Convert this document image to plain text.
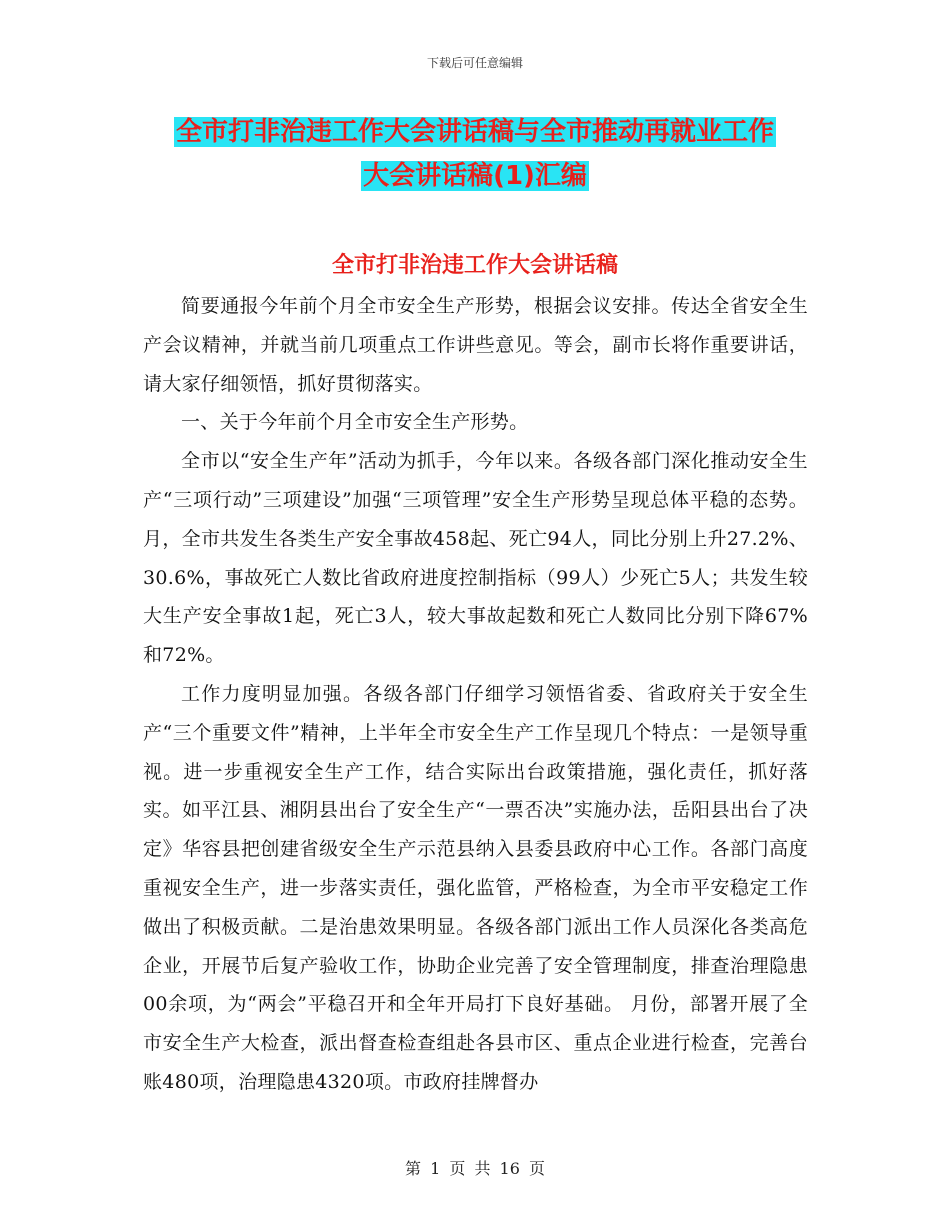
下载后可任意编辑
全市打非治违工作大会讲话稿与全市推动再就业工作
大会讲话稿(1)汇编
全市打非治违工作大会讲话稿

简要通报今年前个月全市安全生产形势，根据会议安排。传达全省安全生产会议精神，并就当前几项重点工作讲些意见。等会，副市长将作重要讲话，请大家仔细领悟，抓好贯彻落实。

一、关于今年前个月全市安全生产形势。

全市以“安全生产年”活动为抓手，今年以来。各级各部门深化推动安全生产“三项行动”三项建设”加强“三项管理”安全生产形势呈现总体平稳的态势。 月，全市共发生各类生产安全事故458起、死亡94人，同比分别上升27.2%、30.6%，事故死亡人数比省政府进度控制指标（99人）少死亡5人；共发生较大生产安全事故1起，死亡3人，较大事故起数和死亡人数同比分别下降67%和72%。

工作力度明显加强。各级各部门仔细学习领悟省委、省政府关于安全生产“三个重要文件”精神，上半年全市安全生产工作呈现几个特点：一是领导重视。进一步重视安全生产工作，结合实际出台政策措施，强化责任，抓好落实。如平江县、湘阴县出台了安全生产“一票否决”实施办法，岳阳县出台了决定》华容县把创建省级安全生产示范县纳入县委县政府中心工作。各部门高度重视安全生产，进一步落实责任，强化监管，严格检查，为全市平安稳定工作做出了积极贡献。二是治患效果明显。各级各部门派出工作人员深化各类高危企业，开展节后复产验收工作，协助企业完善了安全管理制度，排查治理隐患00余项，为“两会”平稳召开和全年开局打下良好基础。 月份，部署开展了全市安全生产大检查，派出督查检查组赴各县市区、重点企业进行检查，完善台账480项，治理隐患4320项。市政府挂牌督办

第 1 页 共 16 页
